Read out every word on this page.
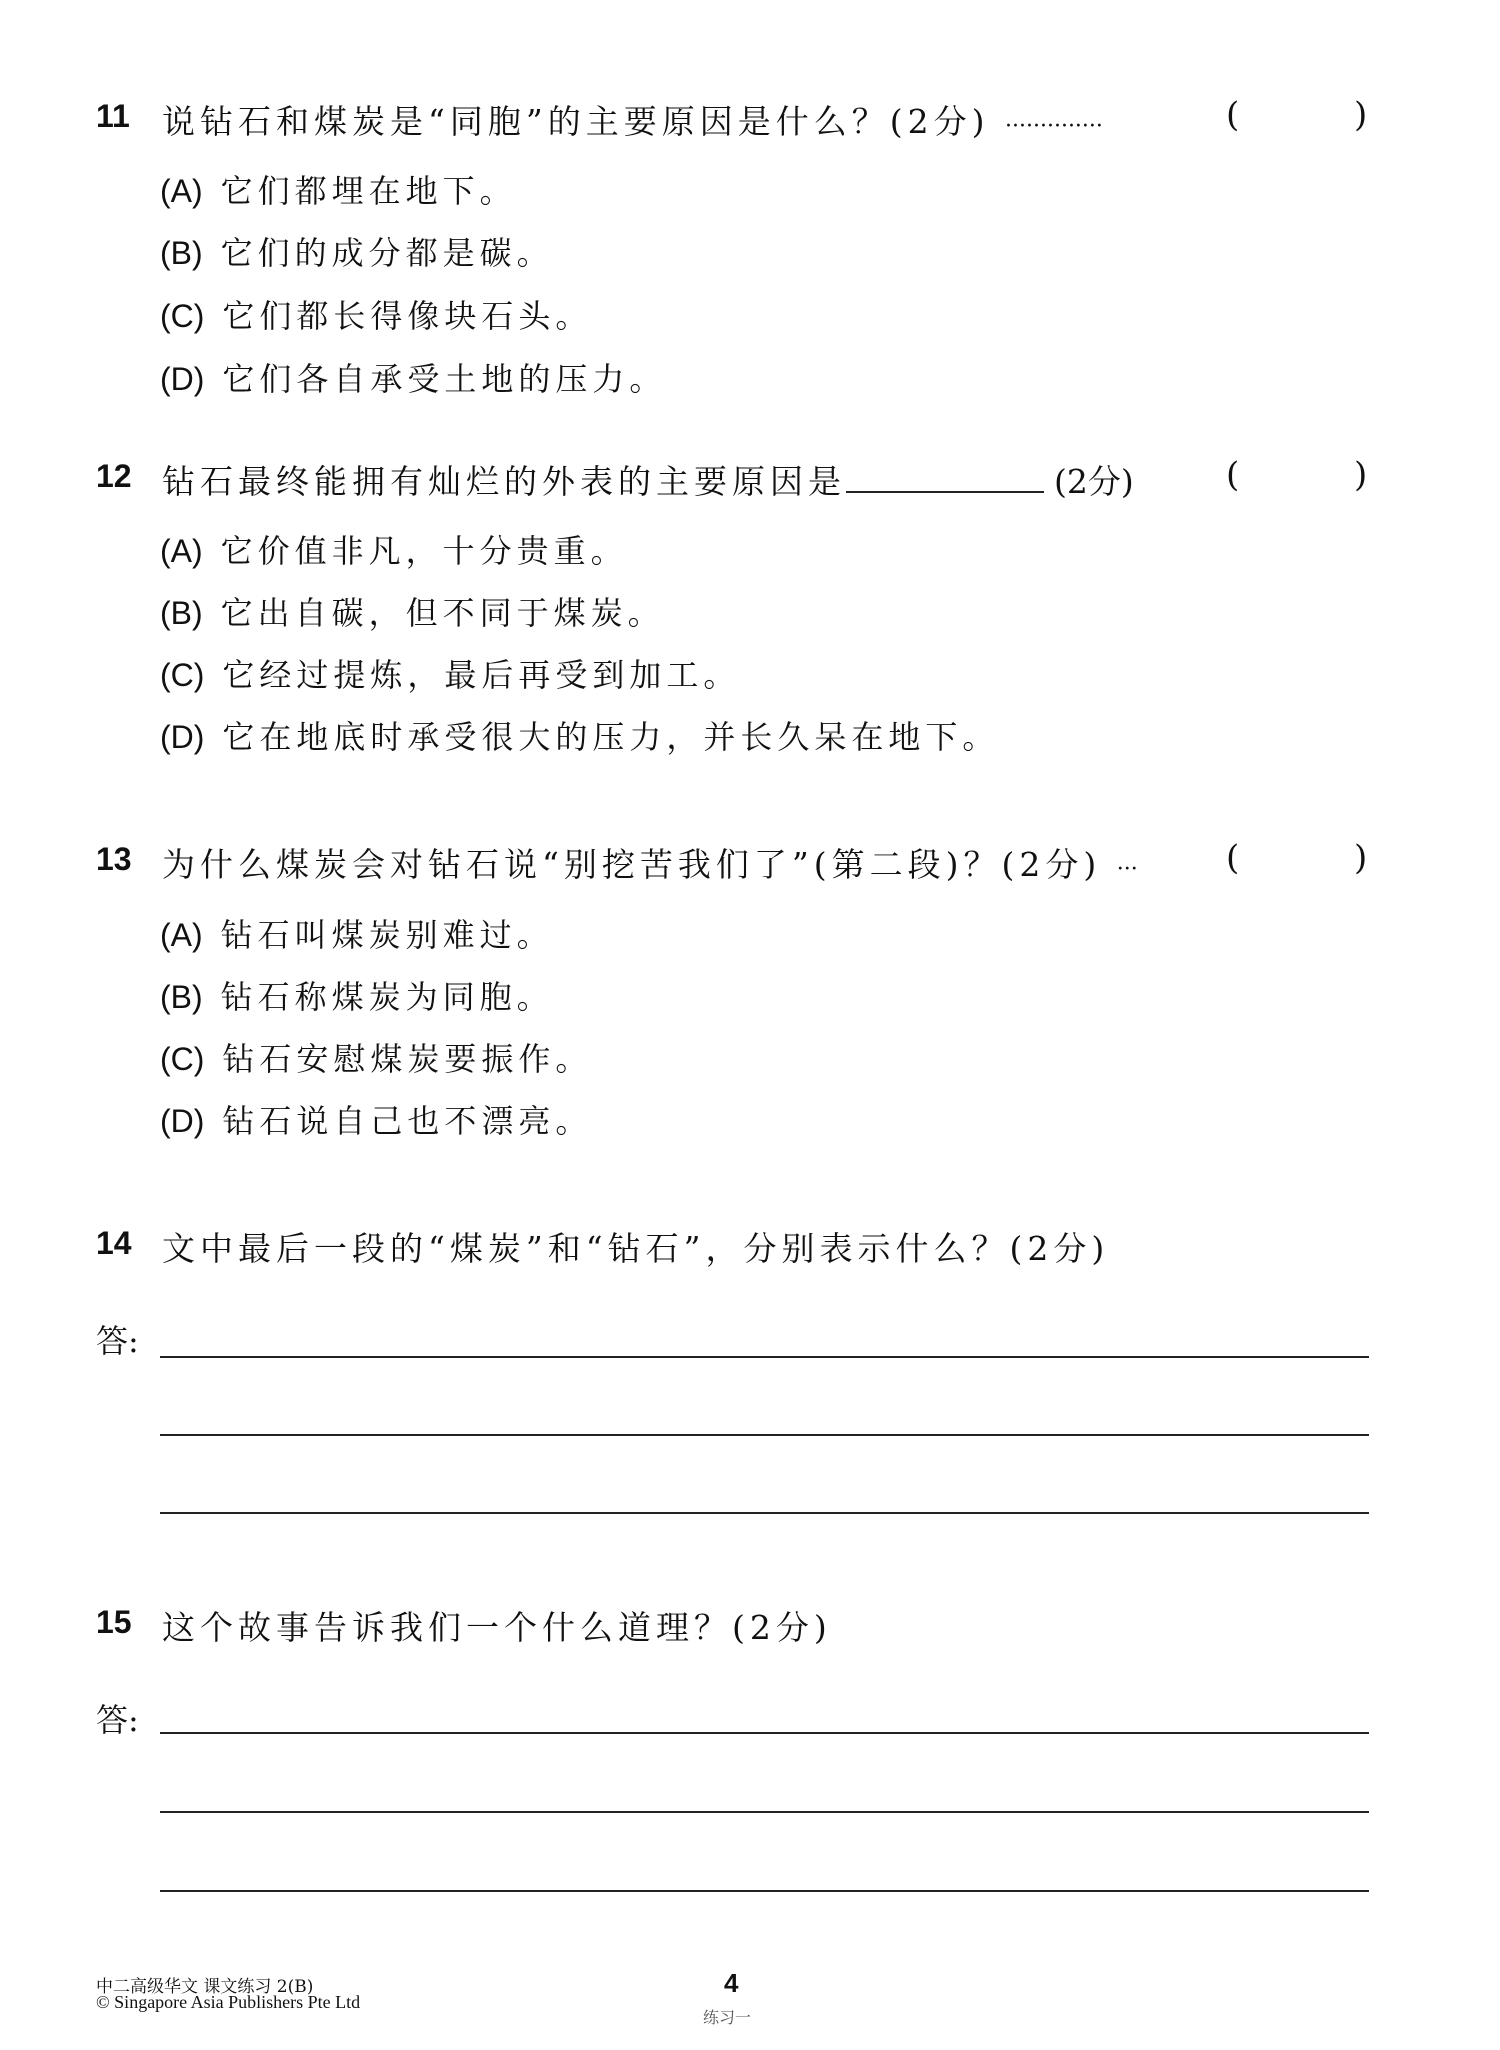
11 说钻石和煤炭是“同胞”的主要原因是什么？(2分) ··············	(	)
(A) 它们都埋在地下。
(B) 它们的成分都是碳。
(C) 它们都长得像块石头。
(D) 它们各自承受土地的压力。
12 钻石最终能拥有灿烂的外表的主要原因是	(2分)	(	)
(A) 它价值非凡，十分贵重。
(B) 它出自碳，但不同于煤炭。
(C) 它经过提炼，最后再受到加工。
(D) 它在地底时承受很大的压力，并长久呆在地下。
13 为什么煤炭会对钻石说“别挖苦我们了”(第二段)？(2分) ···	(	)
(A) 钻石叫煤炭别难过。
(B) 钻石称煤炭为同胞。
(C) 钻石安慰煤炭要振作。
(D) 钻石说自己也不漂亮。
14 文中最后一段的“煤炭”和“钻石”，分别表示什么？(2分)
答:
15 这个故事告诉我们一个什么道理？(2分)
答:
中二高级华文 课文练习 2(B)
© Singapore Asia Publishers Pte Ltd
4
练习一
